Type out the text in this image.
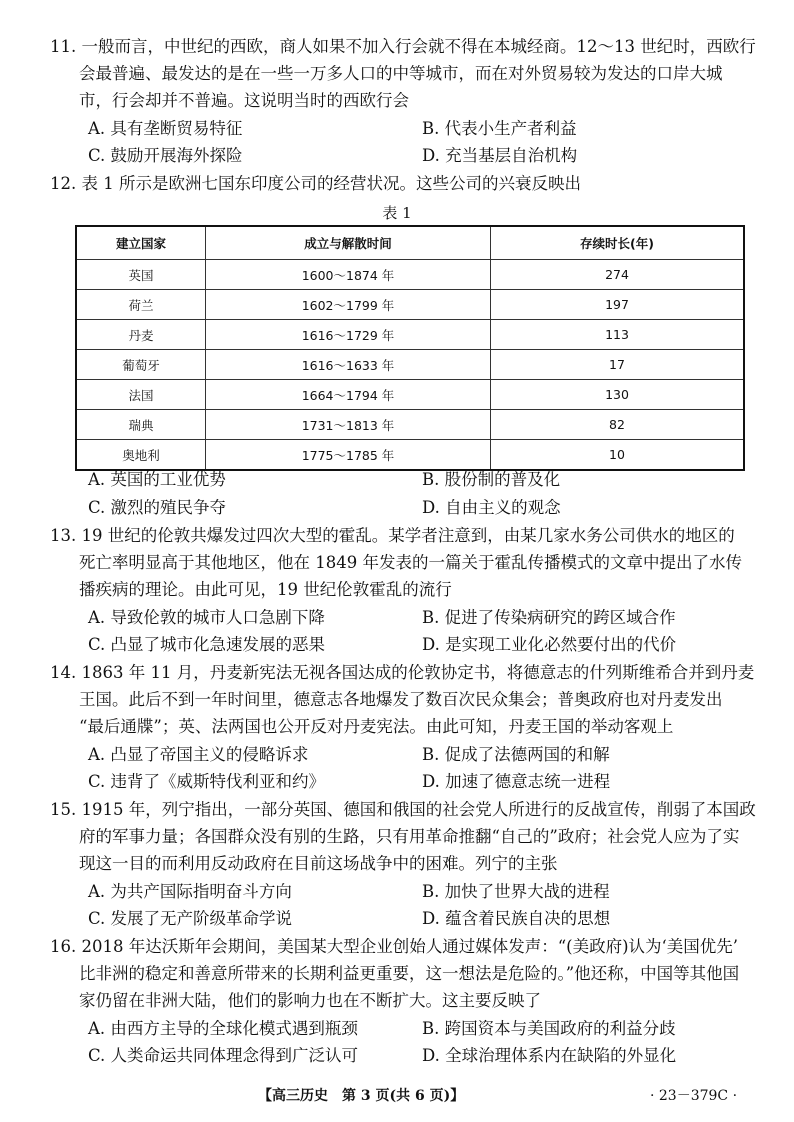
11. 一般而言，中世纪的西欧，商人如果不加入行会就不得在本城经商。12～13 世纪时，西欧行
会最普遍、最发达的是在一些一万多人口的中等城市，而在对外贸易较为发达的口岸大城
市，行会却并不普遍。这说明当时的西欧行会
A. 具有垄断贸易特征	B. 代表小生产者利益
C. 鼓励开展海外探险	D. 充当基层自治机构
12. 表 1 所示是欧洲七国东印度公司的经营状况。这些公司的兴衰反映出
表 1
建立国家	成立与解散时间	存续时长(年)
英国	1600～1874 年	274
荷兰	1602～1799 年	197
丹麦	1616～1729 年	113
葡萄牙	1616～1633 年	17
法国	1664～1794 年	130
瑞典	1731～1813 年	82
奥地利	1775～1785 年	10
A. 英国的工业优势	B. 股份制的普及化
C. 激烈的殖民争夺	D. 自由主义的观念
13. 19 世纪的伦敦共爆发过四次大型的霍乱。某学者注意到，由某几家水务公司供水的地区的
死亡率明显高于其他地区，他在 1849 年发表的一篇关于霍乱传播模式的文章中提出了水传
播疾病的理论。由此可见，19 世纪伦敦霍乱的流行
A. 导致伦敦的城市人口急剧下降	B. 促进了传染病研究的跨区域合作
C. 凸显了城市化急速发展的恶果	D. 是实现工业化必然要付出的代价
14. 1863 年 11 月，丹麦新宪法无视各国达成的伦敦协定书，将德意志的什列斯维希合并到丹麦
王国。此后不到一年时间里，德意志各地爆发了数百次民众集会；普奥政府也对丹麦发出
“最后通牒”；英、法两国也公开反对丹麦宪法。由此可知，丹麦王国的举动客观上
A. 凸显了帝国主义的侵略诉求	B. 促成了法德两国的和解
C. 违背了《威斯特伐利亚和约》	D. 加速了德意志统一进程
15. 1915 年，列宁指出，一部分英国、德国和俄国的社会党人所进行的反战宣传，削弱了本国政
府的军事力量；各国群众没有别的生路，只有用革命推翻“自己的”政府；社会党人应为了实
现这一目的而利用反动政府在目前这场战争中的困难。列宁的主张
A. 为共产国际指明奋斗方向	B. 加快了世界大战的进程
C. 发展了无产阶级革命学说	D. 蕴含着民族自决的思想
16. 2018 年达沃斯年会期间，美国某大型企业创始人通过媒体发声：“(美政府)认为‘美国优先’
比非洲的稳定和善意所带来的长期利益更重要，这一想法是危险的。”他还称，中国等其他国
家仍留在非洲大陆，他们的影响力也在不断扩大。这主要反映了
A. 由西方主导的全球化模式遇到瓶颈	B. 跨国资本与美国政府的利益分歧
C. 人类命运共同体理念得到广泛认可	D. 全球治理体系内在缺陷的外显化
【高三历史　第 3 页(共 6 页)】	· 23－379C ·
